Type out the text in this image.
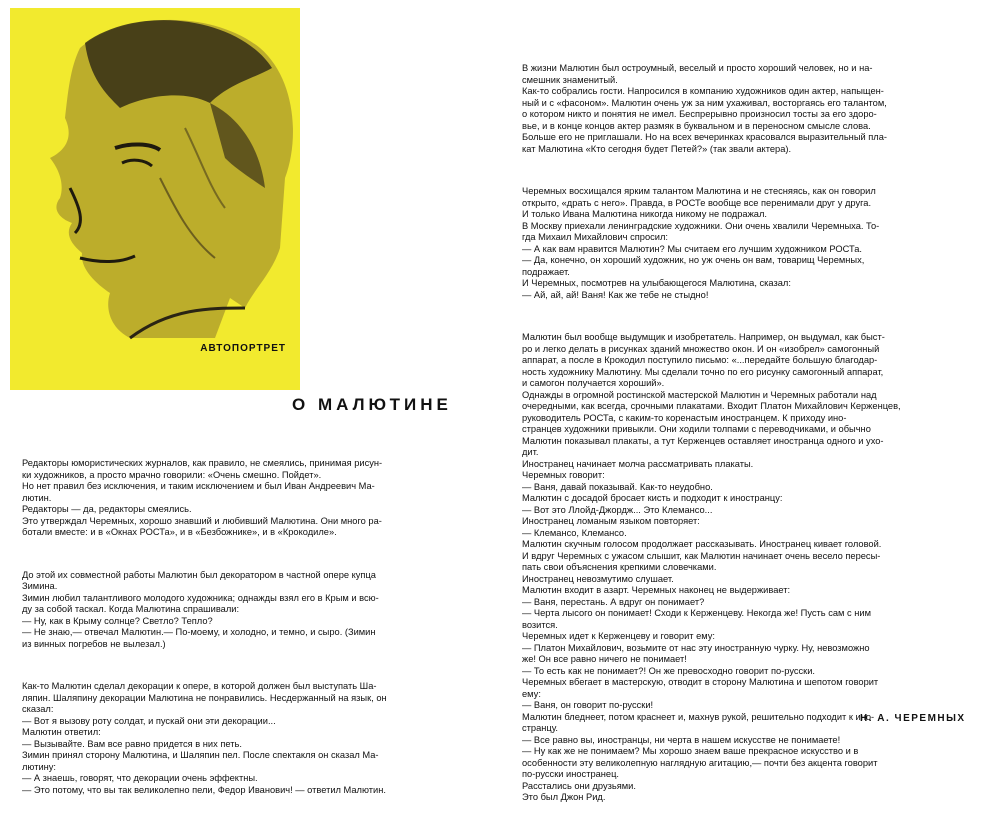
АВТОПОРТРЕТ
О МАЛЮТИНЕ

Редакторы юмористических журналов, как правило, не смеялись, принимая рисун-
ки художников, а просто мрачно говорили: «Очень смешно. Пойдет».
Но нет правил без исключения, и таким исключением и был Иван Андреевич Ма-
лютин.
Редакторы — да, редакторы смеялись.
Это утверждал Черемных, хорошо знавший и любивший Малютина. Они много ра-
ботали вместе: и в «Окнах РОСТа», и в «Безбожнике», и в «Крокодиле».

До этой их совместной работы Малютин был декоратором в частной опере купца
Зимина.
Зимин любил талантливого молодого художника; однажды взял его в Крым и всю-
ду за собой таскал. Когда Малютина спрашивали:
— Ну, как в Крыму солнце? Светло? Тепло?
— Не знаю,— отвечал Малютин.— По-моему, и холодно, и темно, и сыро. (Зимин
из винных погребов не вылезал.)

Как-то Малютин сделал декорации к опере, в которой должен был выступать Ша-
ляпин. Шаляпину декорации Малютина не понравились. Несдержанный на язык, он
сказал:
— Вот я вызову роту солдат, и пускай они эти декорации...
Малютин ответил:
— Вызывайте. Вам все равно придется в них петь.
Зимин принял сторону Малютина, и Шаляпин пел. После спектакля он сказал Ма-
лютину:
— А знаешь, говорят, что декорации очень эффектны.
— Это потому, что вы так великолепно пели, Федор Иванович! — ответил Малютин.

В жизни Малютин был остроумный, веселый и просто хороший человек, но и на-
смешник знаменитый.
Как-то собрались гости. Напросился в компанию художников один актер, напыщен-
ный и с «фасоном». Малютин очень уж за ним ухаживал, восторгаясь его талантом,
о котором никто и понятия не имел. Беспрерывно произносил тосты за его здоро-
вье, и в конце концов актер размяк в буквальном и в переносном смысле слова.
Больше его не приглашали. Но на всех вечеринках красовался выразительный пла-
кат Малютина «Кто сегодня будет Петей?» (так звали актера).

Черемных восхищался ярким талантом Малютина и не стесняясь, как он говорил
открыто, «драть с него». Правда, в РОСТе вообще все перенимали друг у друга.
И только Ивана Малютина никогда никому не подражал.
В Москву приехали ленинградские художники. Они очень хвалили Черемныха. То-
гда Михаил Михайлович спросил:
— А как вам нравится Малютин? Мы считаем его лучшим художником РОСТа.
— Да, конечно, он хороший художник, но уж очень он вам, товарищ Черемных,
подражает.
И Черемных, посмотрев на улыбающегося Малютина, сказал:
— Ай, ай, ай! Ваня! Как же тебе не стыдно!

Малютин был вообще выдумщик и изобретатель. Например, он выдумал, как быст-
ро и легко делать в рисунках зданий множество окон. И он «изобрел» самогонный
аппарат, а после в Крокодил поступило письмо: «...передайте большую благодар-
ность художнику Малютину. Мы сделали точно по его рисунку самогонный аппарат,
и самогон получается хороший».
Однажды в огромной ростинской мастерской Малютин и Черемных работали над
очередными, как всегда, срочными плакатами. Входит Платон Михайлович Керженцев,
руководитель РОСТа, с каким-то коренастым иностранцем. К приходу ино-
странцев художники привыкли. Они ходили толпами с переводчиками, и обычно
Малютин показывал плакаты, а тут Керженцев оставляет иностранца одного и ухо-
дит.
Иностранец начинает молча рассматривать плакаты.
Черемных говорит:
— Ваня, давай показывай. Как-то неудобно.
Малютин с досадой бросает кисть и подходит к иностранцу:
— Вот это Ллойд-Джордж... Это Клемансо...
Иностранец ломаным языком повторяет:
— Клеманco, Клеманco.
Малютин скучным голосом продолжает рассказывать. Иностранец кивает головой.
И вдруг Черемных с ужасом слышит, как Малютин начинает очень весело пересы-
пать свои объяснения крепкими словечками.
Иностранец невозмутимо слушает.
Малютин входит в азарт. Черемных наконец не выдерживает:
— Ваня, перестань. А вдруг он понимает?
— Черта лысого он понимает! Сходи к Керженцеву. Некогда же! Пусть сам с ним
возится.
Черемных идет к Керженцеву и говорит ему:
— Платон Михайлович, возьмите от нас эту иностранную чурку. Ну, невозможно
же! Он все равно ничего не понимает!
— То есть как не понимает?! Он же превосходно говорит по-русски.
Черемных вбегает в мастерскую, отводит в сторону Малютина и шепотом говорит
ему:
— Ваня, он говорит по-русски!
Малютин бледнеет, потом краснеет и, махнув рукой, решительно подходит к ино-
странцу.
— Все равно вы, иностранцы, ни черта в нашем искусстве не понимаете!
— Ну как же не понимаем? Мы хорошо знаем ваше прекрасное искусство и в
особенности эту великолепную наглядную агитацию,— почти без акцента говорит
по-русски иностранец.
Расстались они друзьями.
Это был Джон Рид.

Н. А. ЧЕРЕМНЫХ
